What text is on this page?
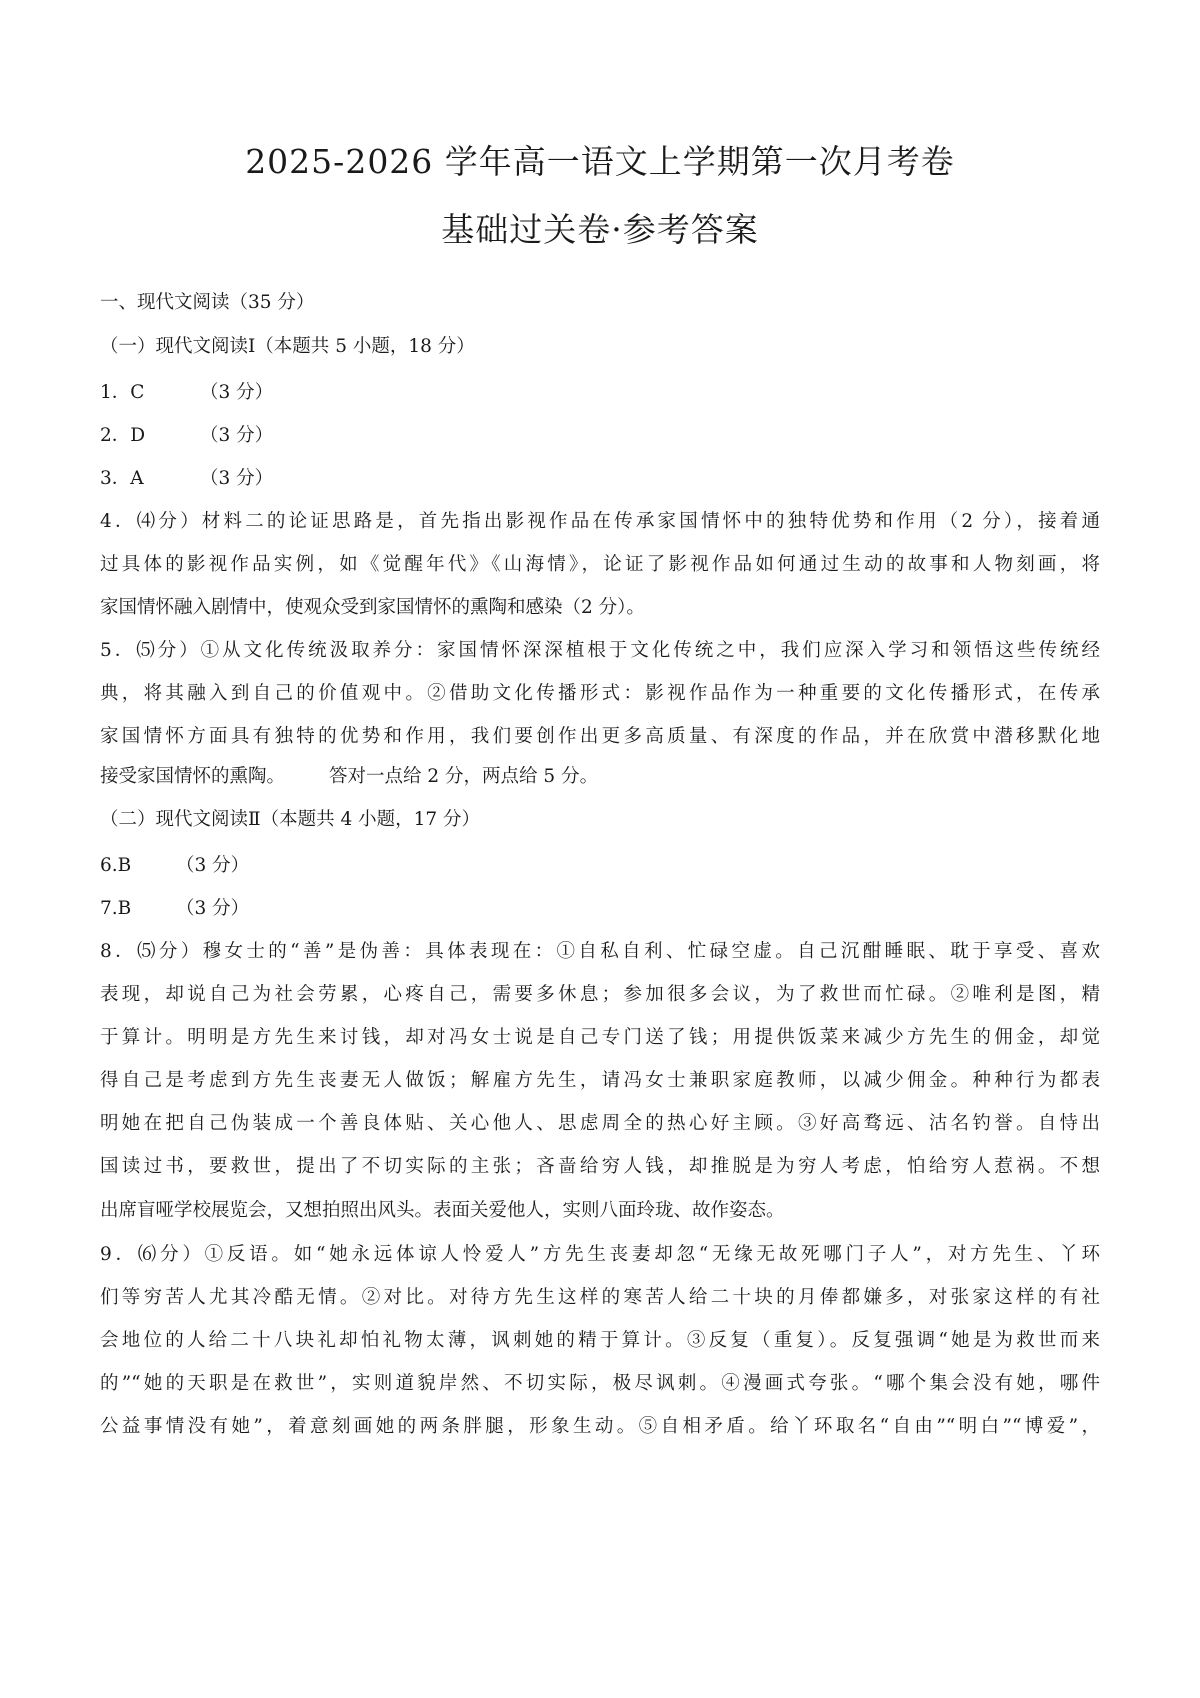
2025-2026 学年高一语文上学期第一次月考卷
基础过关卷·参考答案
一、现代文阅读（35 分）
（一）现代文阅读Ⅰ（本题共 5 小题，18 分）
1．C	（3 分）
2．D	（3 分）
3．A	（3 分）
4．⑷分）材料二的论证思路是，首先指出影视作品在传承家国情怀中的独特优势和作用（2 分），接着通
过具体的影视作品实例，如《觉醒年代》《山海情》，论证了影视作品如何通过生动的故事和人物刻画，将
家国情怀融入剧情中，使观众受到家国情怀的熏陶和感染（2 分）。
5．⑸分）①从文化传统汲取养分：家国情怀深深植根于文化传统之中，我们应深入学习和领悟这些传统经
典，将其融入到自己的价值观中。②借助文化传播形式：影视作品作为一种重要的文化传播形式，在传承
家国情怀方面具有独特的优势和作用，我们要创作出更多高质量、有深度的作品，并在欣赏中潜移默化地
接受家国情怀的熏陶。 答对一点给 2 分，两点给 5 分。
（二）现代文阅读Ⅱ（本题共 4 小题，17 分）
6.B （3 分）
7.B （3 分）
8．⑸分）穆女士的“善”是伪善：具体表现在：①自私自利、忙碌空虚。自己沉酣睡眠、耽于享受、喜欢
表现，却说自己为社会劳累，心疼自己，需要多休息；参加很多会议，为了救世而忙碌。②唯利是图，精
于算计。明明是方先生来讨钱，却对冯女士说是自己专门送了钱；用提供饭菜来减少方先生的佣金，却觉
得自己是考虑到方先生丧妻无人做饭；解雇方先生，请冯女士兼职家庭教师，以减少佣金。种种行为都表
明她在把自己伪装成一个善良体贴、关心他人、思虑周全的热心好主顾。③好高骛远、沽名钓誉。自恃出
国读过书，要救世，提出了不切实际的主张；吝啬给穷人钱，却推脱是为穷人考虑，怕给穷人惹祸。不想
出席盲哑学校展览会，又想拍照出风头。表面关爱他人，实则八面玲珑、故作姿态。
9．⑹分）①反语。如“她永远体谅人怜爱人”方先生丧妻却忽“无缘无故死哪门子人”，对方先生、丫环
们等穷苦人尤其冷酷无情。②对比。对待方先生这样的寒苦人给二十块的月俸都嫌多，对张家这样的有社
会地位的人给二十八块礼却怕礼物太薄，讽刺她的精于算计。③反复（重复）。反复强调“她是为救世而来
的”“她的天职是在救世”，实则道貌岸然、不切实际，极尽讽刺。④漫画式夸张。“哪个集会没有她，哪件
公益事情没有她”，着意刻画她的两条胖腿，形象生动。⑤自相矛盾。给丫环取名“自由”“明白”“博爱”，
